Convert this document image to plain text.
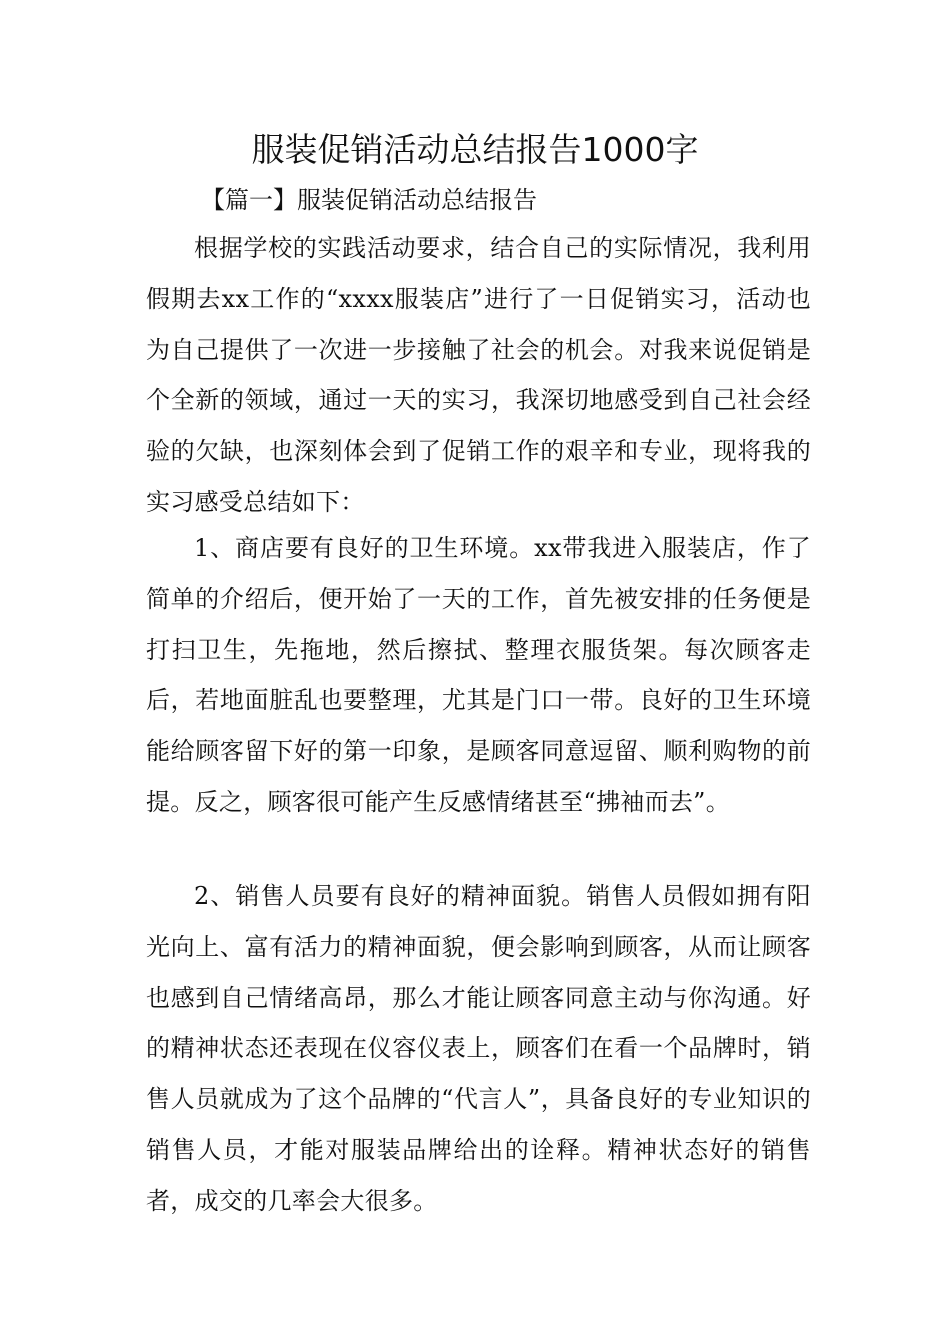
服装促销活动总结报告1000字

【篇一】服装促销活动总结报告

根据学校的实践活动要求，结合自己的实际情况，我利用假期去xx工作的“xxxx服装店”进行了一日促销实习，活动也为自己提供了一次进一步接触了社会的机会。对我来说促销是个全新的领域，通过一天的实习，我深切地感受到自己社会经验的欠缺，也深刻体会到了促销工作的艰辛和专业，现将我的实习感受总结如下：

1、商店要有良好的卫生环境。xx带我进入服装店，作了简单的介绍后，便开始了一天的工作，首先被安排的任务便是打扫卫生，先拖地，然后擦拭、整理衣服货架。每次顾客走后，若地面脏乱也要整理，尤其是门口一带。良好的卫生环境能给顾客留下好的第一印象，是顾客同意逗留、顺利购物的前提。反之，顾客很可能产生反感情绪甚至“拂袖而去”。

2、销售人员要有良好的精神面貌。销售人员假如拥有阳光向上、富有活力的精神面貌，便会影响到顾客，从而让顾客也感到自己情绪高昂，那么才能让顾客同意主动与你沟通。好的精神状态还表现在仪容仪表上，顾客们在看一个品牌时，销售人员就成为了这个品牌的“代言人”，具备良好的专业知识的销售人员，才能对服装品牌给出的诠释。精神状态好的销售者，成交的几率会大很多。
